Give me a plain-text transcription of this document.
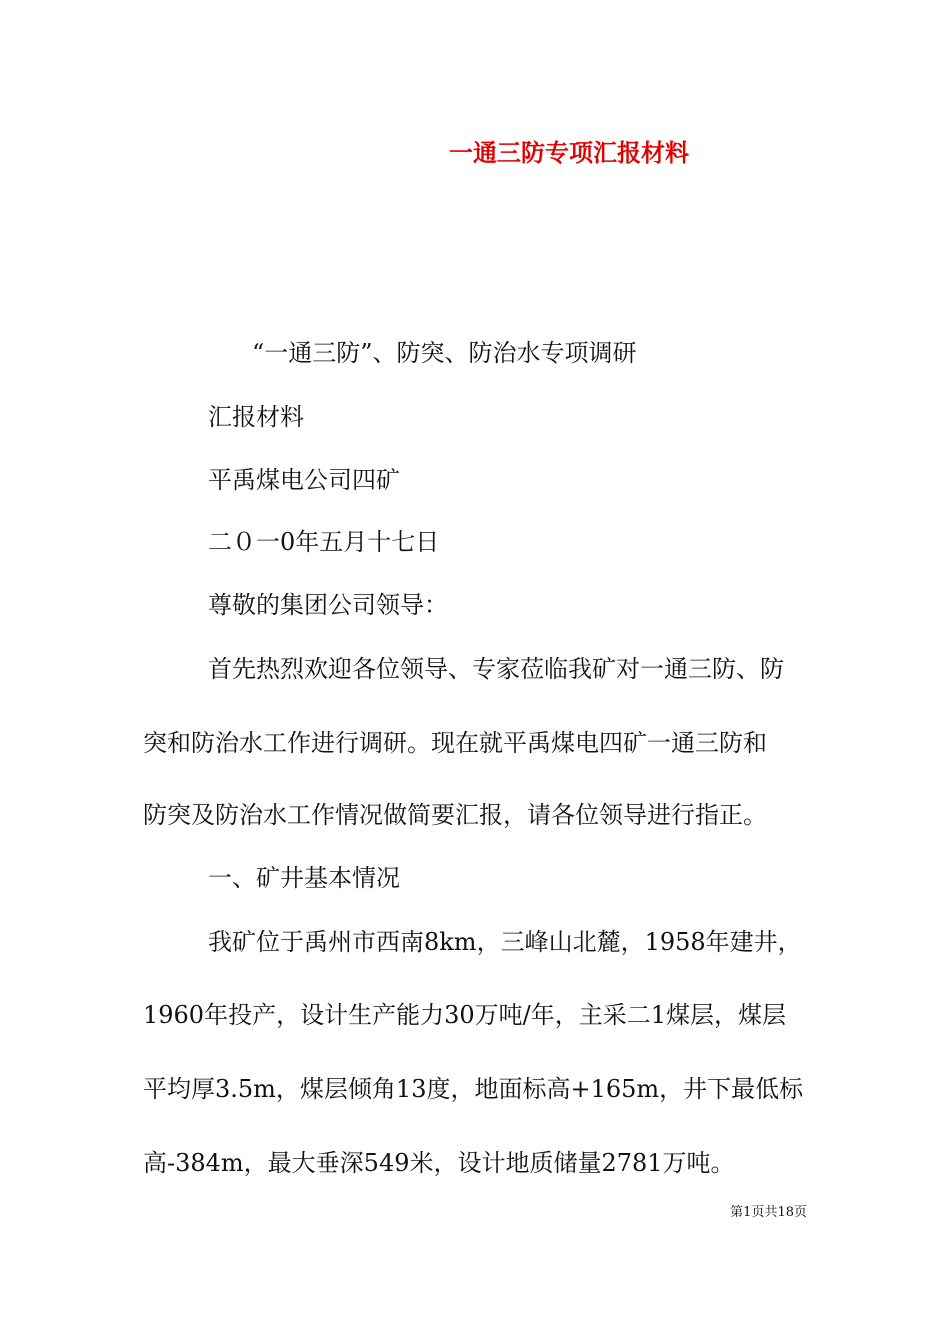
一通三防专项汇报材料
“一通三防”、防突、防治水专项调研
汇报材料
平禹煤电公司四矿
二０一0年五月十七日
尊敬的集团公司领导：
首先热烈欢迎各位领导、专家莅临我矿对一通三防、防
突和防治水工作进行调研。现在就平禹煤电四矿一通三防和
防突及防治水工作情况做简要汇报，请各位领导进行指正。
一、矿井基本情况
我矿位于禹州市西南8km，三峰山北麓，1958年建井，
1960年投产，设计生产能力30万吨/年，主采二1煤层，煤层
平均厚3.5m，煤层倾角13度，地面标高+165m，井下最低标
高-384m，最大垂深549米，设计地质储量2781万吨。
第1页共18页
